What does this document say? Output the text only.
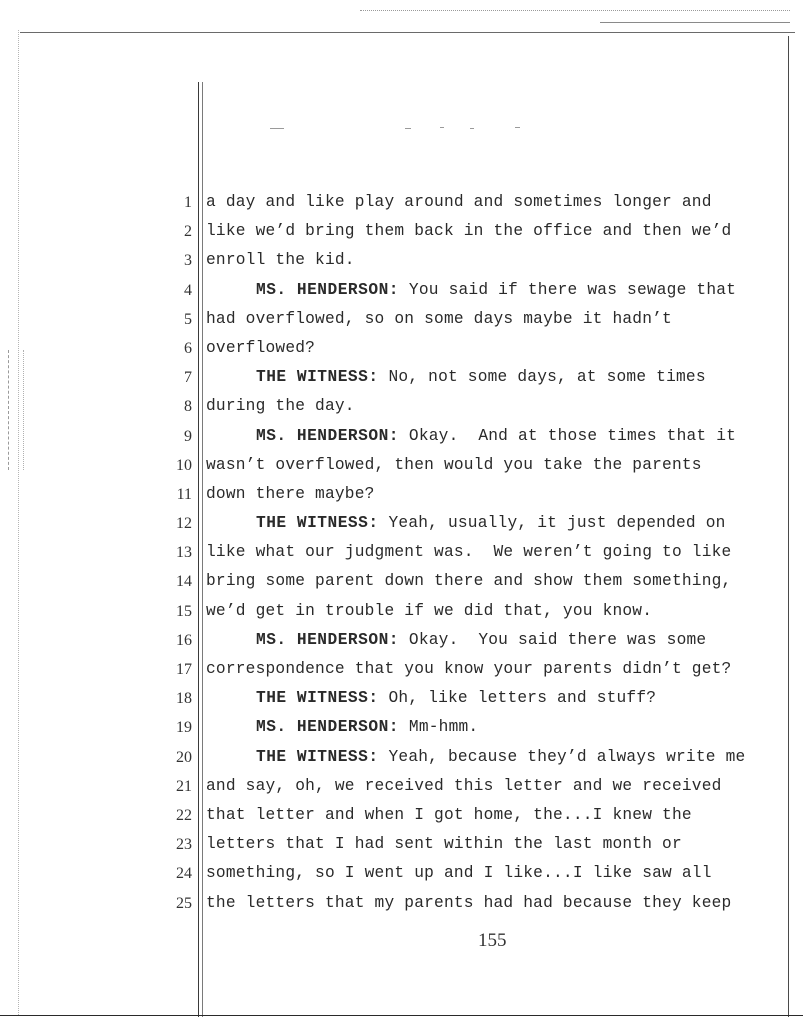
1 a day and like play around and sometimes longer and
2 like we’d bring them back in the office and then we’d
3 enroll the kid.
4	MS. HENDERSON: You said if there was sewage that
5 had overflowed, so on some days maybe it hadn’t
6 overflowed?
7	THE WITNESS: No, not some days, at some times
8 during the day.
9	MS. HENDERSON: Okay.  And at those times that it
10 wasn’t overflowed, then would you take the parents
11 down there maybe?
12	THE WITNESS: Yeah, usually, it just depended on
13 like what our judgment was.  We weren’t going to like
14 bring some parent down there and show them something,
15 we’d get in trouble if we did that, you know.
16	MS. HENDERSON: Okay.  You said there was some
17 correspondence that you know your parents didn’t get?
18	THE WITNESS: Oh, like letters and stuff?
19	MS. HENDERSON: Mm-hmm.
20	THE WITNESS: Yeah, because they’d always write me
21 and say, oh, we received this letter and we received
22 that letter and when I got home, the...I knew the
23 letters that I had sent within the last month or
24 something, so I went up and I like...I like saw all
25 the letters that my parents had had because they keep
155
